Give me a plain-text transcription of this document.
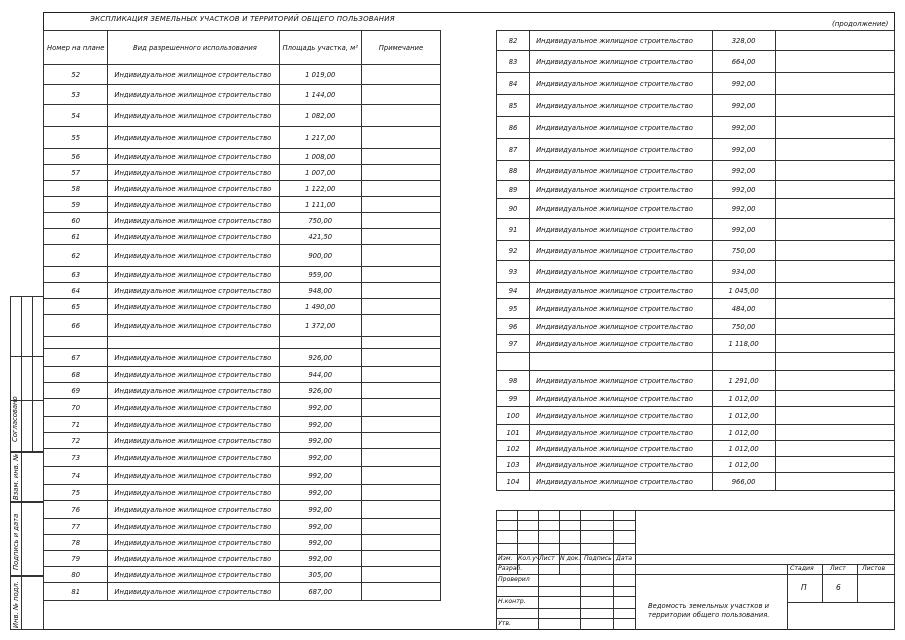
ЭКСПЛИКАЦИЯ ЗЕМЕЛЬНЫХ УЧАСТКОВ И ТЕРРИТОРИЙ ОБЩЕГО ПОЛЬЗОВАНИЯ
(продолжение)
Номер на плане	Вид разрешенного использования	Площадь участка, м²	Примечание
52	Индивидуальное жилищное строительство	1 019,00	
53	Индивидуальное жилищное строительство	1 144,00	
54	Индивидуальное жилищное строительство	1 082,00	
55	Индивидуальное жилищное строительство	1 217,00	
56	Индивидуальное жилищное строительство	1 008,00	
57	Индивидуальное жилищное строительство	1 007,00	
58	Индивидуальное жилищное строительство	1 122,00	
59	Индивидуальное жилищное строительство	1 111,00	
60	Индивидуальное жилищное строительство	750,00	
61	Индивидуальное жилищное строительство	421,50	
62	Индивидуальное жилищное строительство	900,00	
63	Индивидуальное жилищное строительство	959,00	
64	Индивидуальное жилищное строительство	948,00	
65	Индивидуальное жилищное строительство	1 490,00	
66	Индивидуальное жилищное строительство	1 372,00	

67	Индивидуальное жилищное строительство	926,00	
68	Индивидуальное жилищное строительство	944,00	
69	Индивидуальное жилищное строительство	926,00	
70	Индивидуальное жилищное строительство	992,00	
71	Индивидуальное жилищное строительство	992,00	
72	Индивидуальное жилищное строительство	992,00	
73	Индивидуальное жилищное строительство	992,00	
74	Индивидуальное жилищное строительство	992,00	
75	Индивидуальное жилищное строительство	992,00	
76	Индивидуальное жилищное строительство	992,00	
77	Индивидуальное жилищное строительство	992,00	
78	Индивидуальное жилищное строительство	992,00	
79	Индивидуальное жилищное строительство	992,00	
80	Индивидуальное жилищное строительство	305,00	
81	Индивидуальное жилищное строительство	687,00	
82	Индивидуальное жилищное строительство	328,00	
83	Индивидуальное жилищное строительство	664,00	
84	Индивидуальное жилищное строительство	992,00	
85	Индивидуальное жилищное строительство	992,00	
86	Индивидуальное жилищное строительство	992,00	
87	Индивидуальное жилищное строительство	992,00	
88	Индивидуальное жилищное строительство	992,00	
89	Индивидуальное жилищное строительство	992,00	
90	Индивидуальное жилищное строительство	992,00	
91	Индивидуальное жилищное строительство	992,00	
92	Индивидуальное жилищное строительство	750,00	
93	Индивидуальное жилищное строительство	934,00	
94	Индивидуальное жилищное строительство	1 045,00	
95	Индивидуальное жилищное строительство	484,00	
96	Индивидуальное жилищное строительство	750,00	
97	Индивидуальное жилищное строительство	1 118,00	

98	Индивидуальное жилищное строительство	1 291,00	
99	Индивидуальное жилищное строительство	1 012,00	
100	Индивидуальное жилищное строительство	1 012,00	
101	Индивидуальное жилищное строительство	1 012,00	
102	Индивидуальное жилищное строительство	1 012,00	
103	Индивидуальное жилищное строительство	1 012,00	
104	Индивидуальное жилищное строительство	966,00	
Согласовано
Взам. инв. №
Подпись и дата
Инв. № подл.
Изм. Кол.уч Лист N док. Подпись Дата
Разраб.
Проверил
Н.контр.
Утв.
Стадия	Лист	Листов
П	6
Ведомость земельных участков и территории общего пользования.
